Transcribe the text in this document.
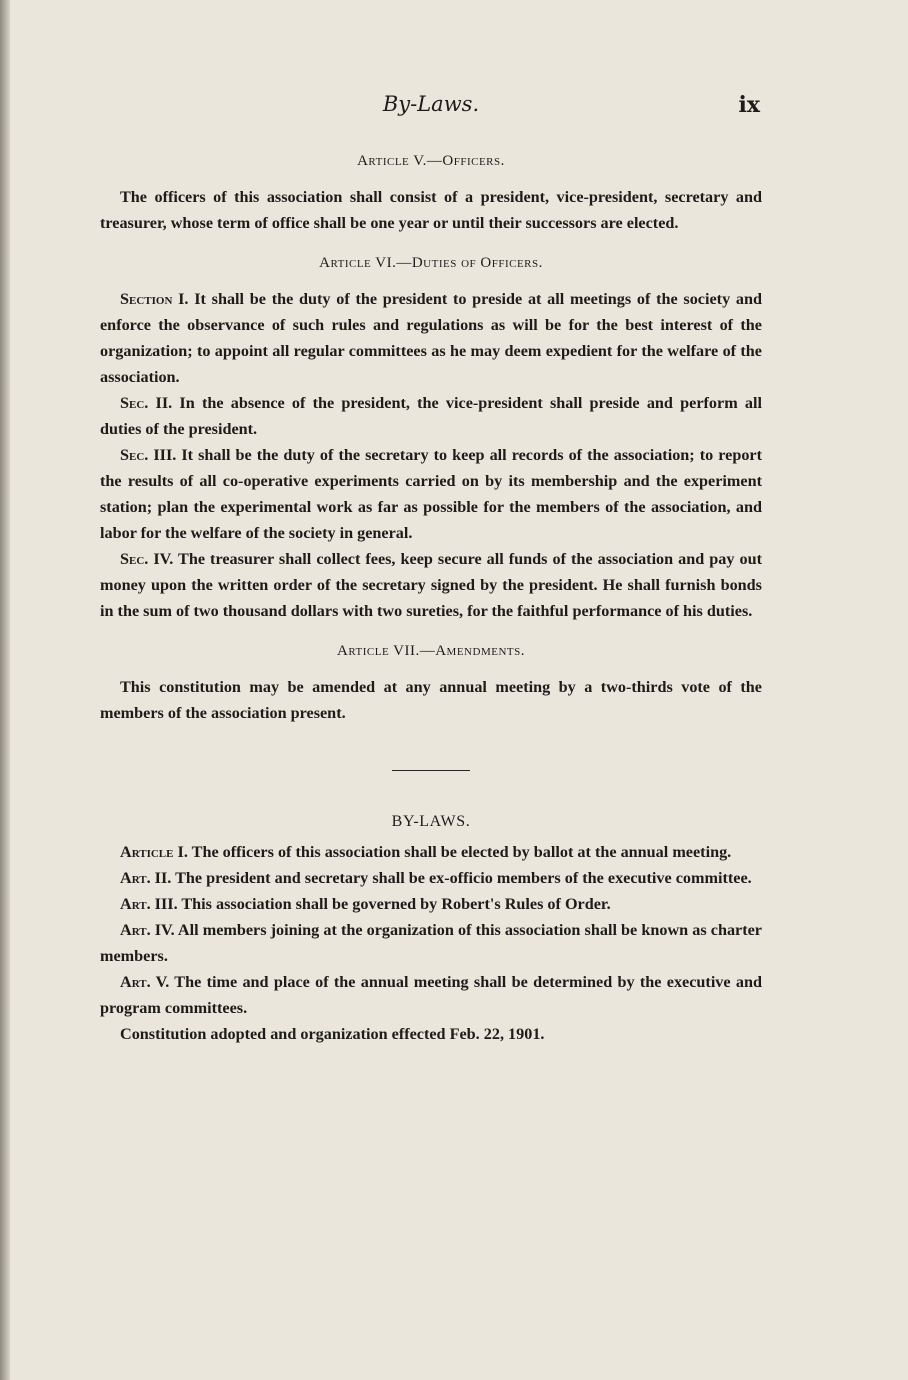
By-Laws.	ix

Article V.—Officers.

The officers of this association shall consist of a president, vice-president, secretary and treasurer, whose term of office shall be one year or until their successors are elected.

Article VI.—Duties of Officers.

Section I. It shall be the duty of the president to preside at all meetings of the society and enforce the observance of such rules and regulations as will be for the best interest of the organization; to appoint all regular committees as he may deem expedient for the welfare of the association.

Sec. II. In the absence of the president, the vice-president shall preside and perform all duties of the president.

Sec. III. It shall be the duty of the secretary to keep all records of the association; to report the results of all co-operative experiments carried on by its membership and the experiment station; plan the experimental work as far as possible for the members of the association, and labor for the welfare of the society in general.

Sec. IV. The treasurer shall collect fees, keep secure all funds of the association and pay out money upon the written order of the secretary signed by the president. He shall furnish bonds in the sum of two thousand dollars with two sureties, for the faithful performance of his duties.

Article VII.—Amendments.

This constitution may be amended at any annual meeting by a two-thirds vote of the members of the association present.

BY-LAWS.

Article I. The officers of this association shall be elected by ballot at the annual meeting.

Art. II. The president and secretary shall be ex-officio members of the executive committee.

Art. III. This association shall be governed by Robert's Rules of Order.

Art. IV. All members joining at the organization of this association shall be known as charter members.

Art. V. The time and place of the annual meeting shall be determined by the executive and program committees.

Constitution adopted and organization effected Feb. 22, 1901.
